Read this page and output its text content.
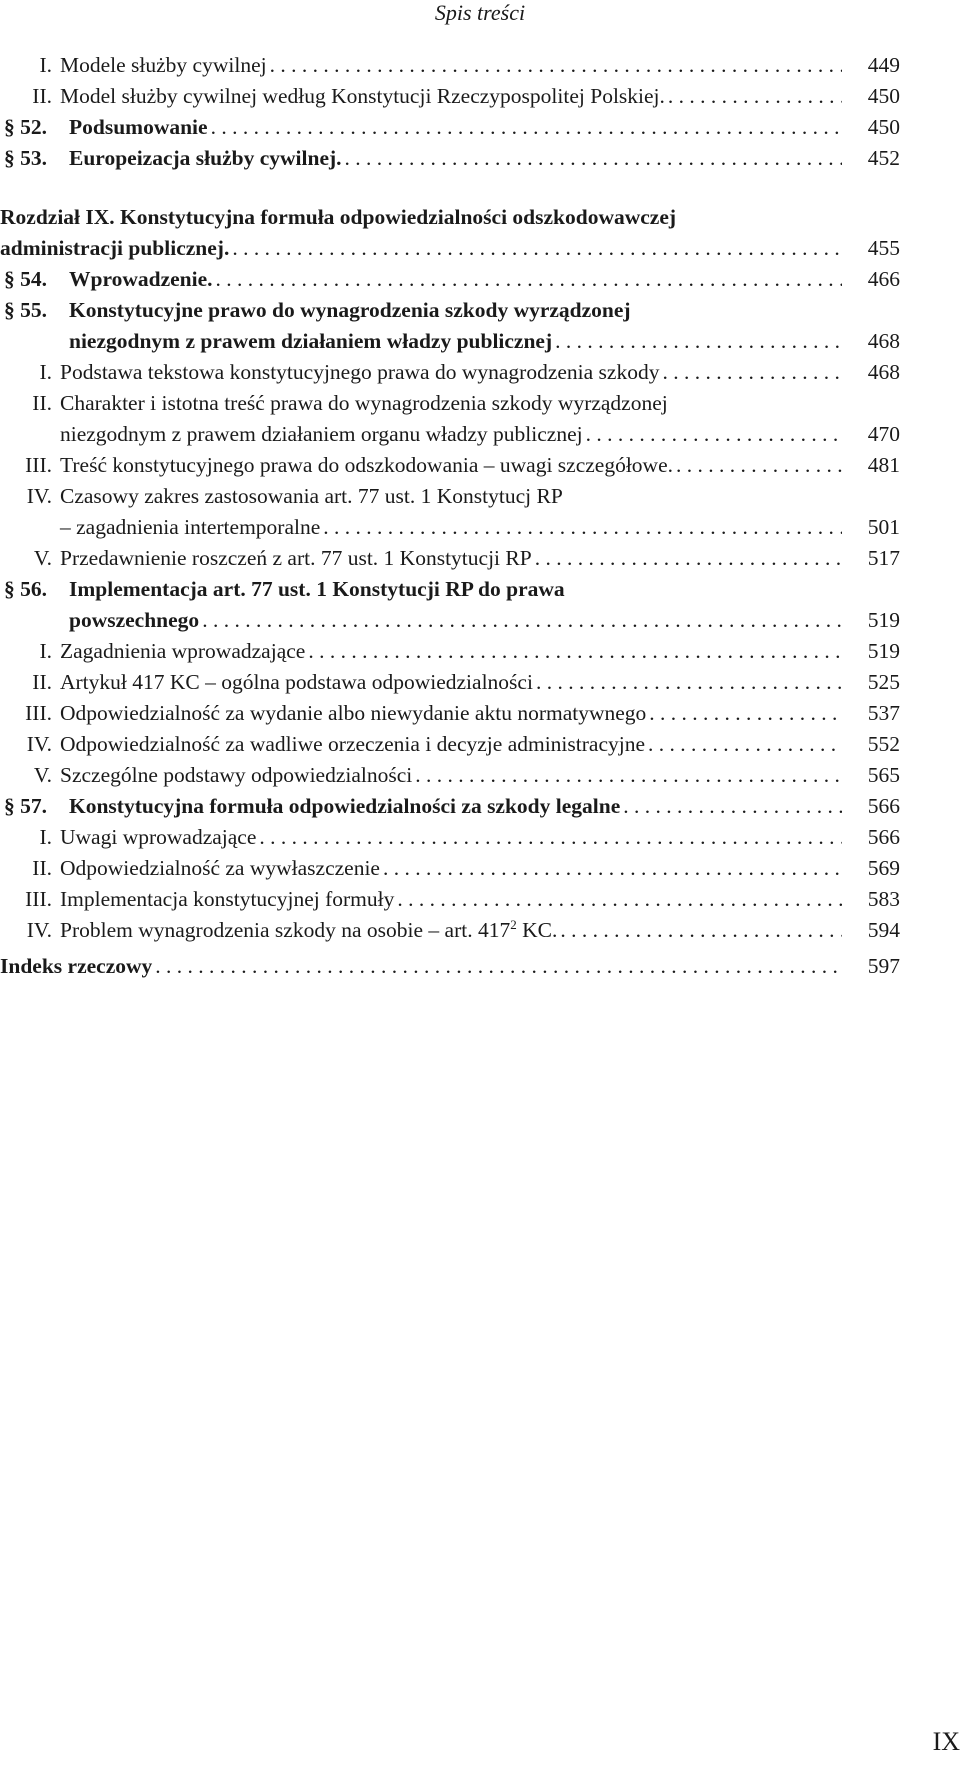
Spis treści
I. Modele służby cywilnej . . .	449
II. Model służby cywilnej według Konstytucji Rzeczypospolitej Polskiej. . . .	450
§ 52.	Podsumowanie . . .	450
§ 53.	Europeizacja służby cywilnej. . . .	452
Rozdział IX. Konstytucyjna formuła odpowiedzialności odszkodowawczej
administracji publicznej. . . .	455
§ 54.	Wprowadzenie. . . .	466
§ 55.	Konstytucyjne prawo do wynagrodzenia szkody wyrządzonej
niezgodnym z prawem działaniem władzy publicznej . . .	468
I. Podstawa tekstowa konstytucyjnego prawa do wynagrodzenia szkody . . .	468
II. Charakter i istotna treść prawa do wynagrodzenia szkody wyrządzonej
niezgodnym z prawem działaniem organu władzy publicznej . . .	470
III. Treść konstytucyjnego prawa do odszkodowania – uwagi szczegółowe. . . .	481
IV. Czasowy zakres zastosowania art. 77 ust. 1 Konstytucj RP
– zagadnienia intertemporalne . . .	501
V. Przedawnienie roszczeń z art. 77 ust. 1 Konstytucji RP . . .	517
§ 56.	Implementacja art. 77 ust. 1 Konstytucji RP do prawa
powszechnego . . .	519
I. Zagadnienia wprowadzające . . .	519
II. Artykuł 417 KC – ogólna podstawa odpowiedzialności . . .	525
III. Odpowiedzialność za wydanie albo niewydanie aktu normatywnego . . .	537
IV. Odpowiedzialność za wadliwe orzeczenia i decyzje administracyjne . . .	552
V. Szczególne podstawy odpowiedzialności . . .	565
§ 57.	Konstytucyjna formuła odpowiedzialności za szkody legalne . . .	566
I. Uwagi wprowadzające . . .	566
II. Odpowiedzialność za wywłaszczenie . . .	569
III. Implementacja konstytucyjnej formuły . . .	583
IV. Problem wynagrodzenia szkody na osobie – art. $417^2$ KC. . . .	594
Indeks rzeczowy . . .	597
IX
